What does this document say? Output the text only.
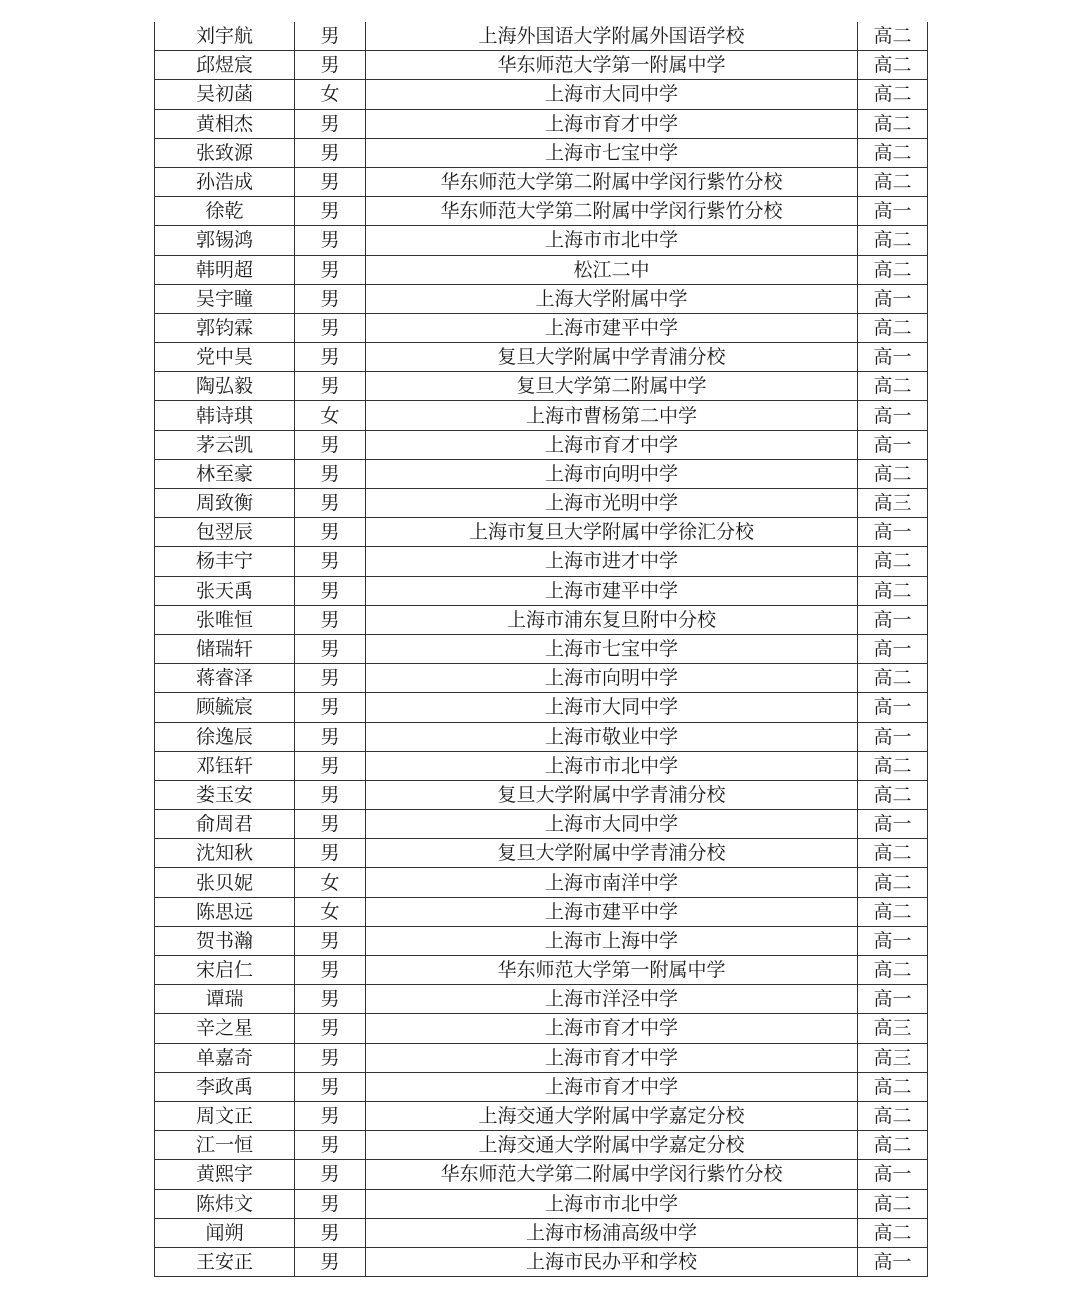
刘宇航	男	上海外国语大学附属外国语学校	高二
邱煜宸	男	华东师范大学第一附属中学	高二
吴初菡	女	上海市大同中学	高二
黄相杰	男	上海市育才中学	高二
张致源	男	上海市七宝中学	高二
孙浩成	男	华东师范大学第二附属中学闵行紫竹分校	高二
徐乾	男	华东师范大学第二附属中学闵行紫竹分校	高一
郭锡鸿	男	上海市市北中学	高二
韩明超	男	松江二中	高二
吴宇瞳	男	上海大学附属中学	高一
郭钧霖	男	上海市建平中学	高二
党中昊	男	复旦大学附属中学青浦分校	高一
陶弘毅	男	复旦大学第二附属中学	高二
韩诗琪	女	上海市曹杨第二中学	高一
茅云凯	男	上海市育才中学	高一
林至豪	男	上海市向明中学	高二
周致衡	男	上海市光明中学	高三
包翌辰	男	上海市复旦大学附属中学徐汇分校	高一
杨丰宁	男	上海市进才中学	高二
张天禹	男	上海市建平中学	高二
张唯恒	男	上海市浦东复旦附中分校	高一
储瑞轩	男	上海市七宝中学	高一
蒋睿泽	男	上海市向明中学	高二
顾毓宸	男	上海市大同中学	高一
徐逸辰	男	上海市敬业中学	高一
邓钰轩	男	上海市市北中学	高二
娄玉安	男	复旦大学附属中学青浦分校	高二
俞周君	男	上海市大同中学	高一
沈知秋	男	复旦大学附属中学青浦分校	高二
张贝妮	女	上海市南洋中学	高二
陈思远	女	上海市建平中学	高二
贺书瀚	男	上海市上海中学	高一
宋启仁	男	华东师范大学第一附属中学	高二
谭瑞	男	上海市洋泾中学	高一
辛之星	男	上海市育才中学	高三
单嘉奇	男	上海市育才中学	高三
李政禹	男	上海市育才中学	高二
周文正	男	上海交通大学附属中学嘉定分校	高二
江一恒	男	上海交通大学附属中学嘉定分校	高二
黄熙宇	男	华东师范大学第二附属中学闵行紫竹分校	高一
陈炜文	男	上海市市北中学	高二
闻朔	男	上海市杨浦高级中学	高二
王安正	男	上海市民办平和学校	高一
